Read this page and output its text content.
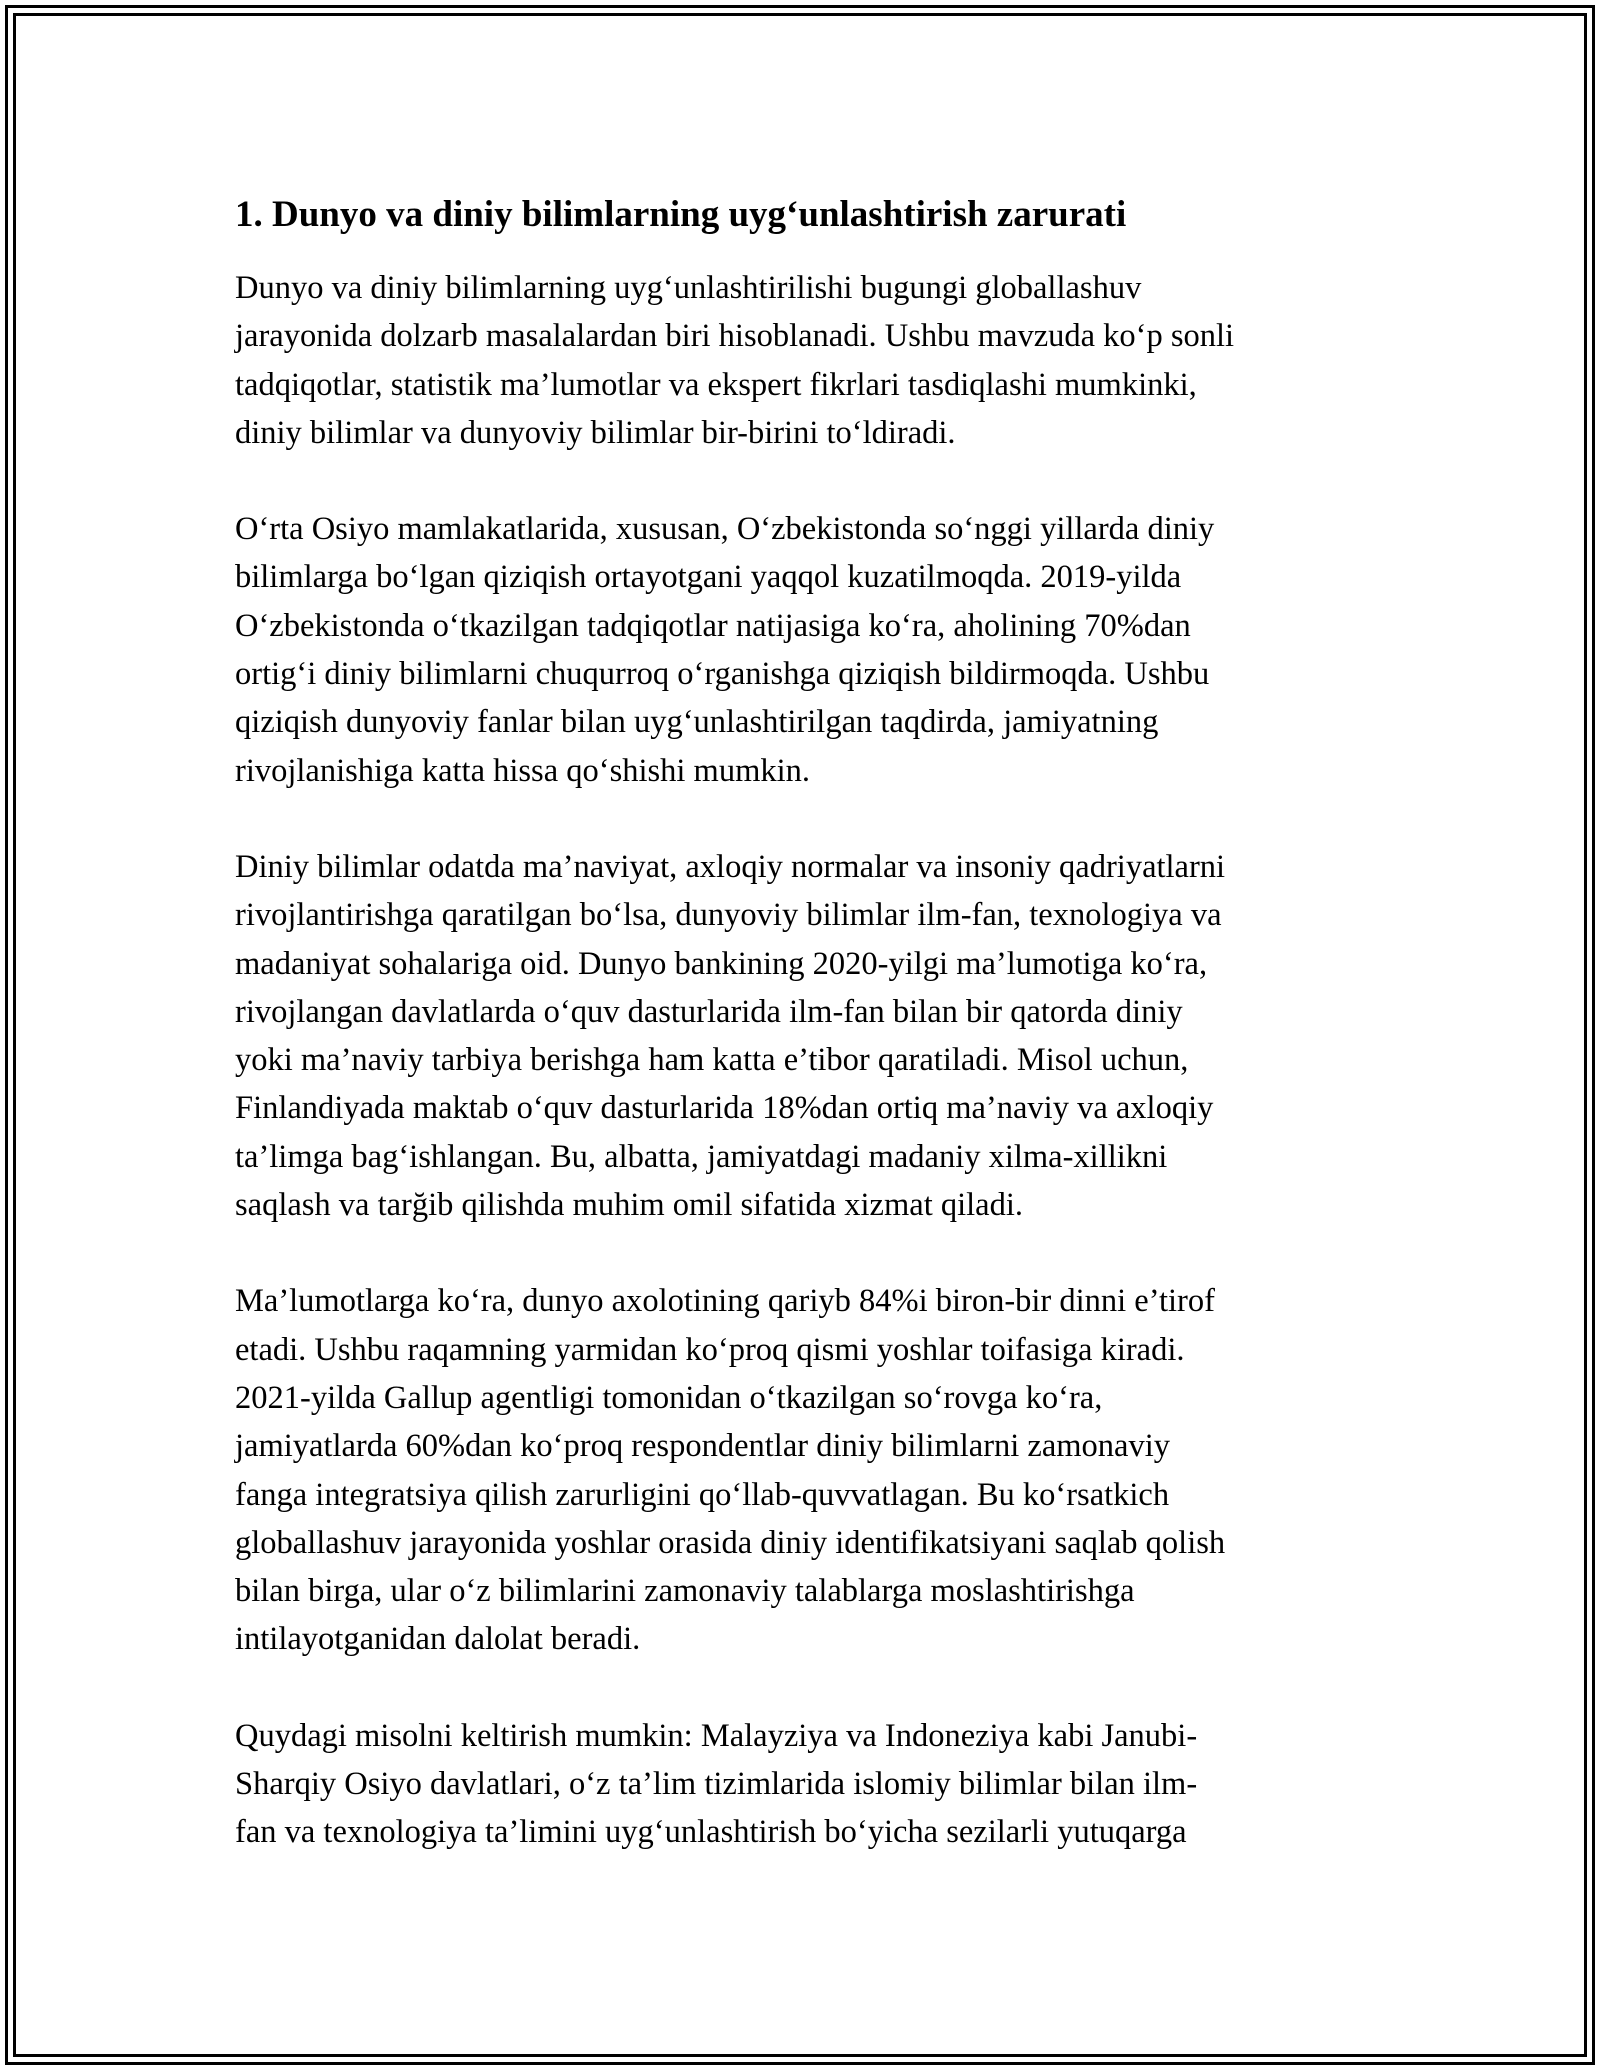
1. Dunyo va diniy bilimlarning uyg‘unlashtirish zarurati

Dunyo va diniy bilimlarning uyg‘unlashtirilishi bugungi globallashuv
jarayonida dolzarb masalalardan biri hisoblanadi. Ushbu mavzuda ko‘p sonli
tadqiqotlar, statistik ma’lumotlar va ekspert fikrlari tasdiqlashi mumkinki,
diniy bilimlar va dunyoviy bilimlar bir-birini to‘ldiradi.

O‘rta Osiyo mamlakatlarida, xususan, O‘zbekistonda so‘nggi yillarda diniy
bilimlarga bo‘lgan qiziqish ortayotgani yaqqol kuzatilmoqda. 2019-yilda
O‘zbekistonda o‘tkazilgan tadqiqotlar natijasiga ko‘ra, aholining 70%dan
ortig‘i diniy bilimlarni chuqurroq o‘rganishga qiziqish bildirmoqda. Ushbu
qiziqish dunyoviy fanlar bilan uyg‘unlashtirilgan taqdirda, jamiyatning
rivojlanishiga katta hissa qo‘shishi mumkin.

Diniy bilimlar odatda ma’naviyat, axloqiy normalar va insoniy qadriyatlarni
rivojlantirishga qaratilgan bo‘lsa, dunyoviy bilimlar ilm-fan, texnologiya va
madaniyat sohalariga oid. Dunyo bankining 2020-yilgi ma’lumotiga ko‘ra,
rivojlangan davlatlarda o‘quv dasturlarida ilm-fan bilan bir qatorda diniy
yoki ma’naviy tarbiya berishga ham katta e’tibor qaratiladi. Misol uchun,
Finlandiyada maktab o‘quv dasturlarida 18%dan ortiq ma’naviy va axloqiy
ta’limga bag‘ishlangan. Bu, albatta, jamiyatdagi madaniy xilma-xillikni
saqlash va tarğib qilishda muhim omil sifatida xizmat qiladi.

Ma’lumotlarga ko‘ra, dunyo axolotining qariyb 84%i biron-bir dinni e’tirof
etadi. Ushbu raqamning yarmidan ko‘proq qismi yoshlar toifasiga kiradi.
2021-yilda Gallup agentligi tomonidan o‘tkazilgan so‘rovga ko‘ra,
jamiyatlarda 60%dan ko‘proq respondentlar diniy bilimlarni zamonaviy
fanga integratsiya qilish zarurligini qo‘llab-quvvatlagan. Bu ko‘rsatkich
globallashuv jarayonida yoshlar orasida diniy identifikatsiyani saqlab qolish
bilan birga, ular o‘z bilimlarini zamonaviy talablarga moslashtirishga
intilayotganidan dalolat beradi.

Quydagi misolni keltirish mumkin: Malayziya va Indoneziya kabi Janubi-
Sharqiy Osiyo davlatlari, o‘z ta’lim tizimlarida islomiy bilimlar bilan ilm-
fan va texnologiya ta’limini uyg‘unlashtirish bo‘yicha sezilarli yutuqarga
